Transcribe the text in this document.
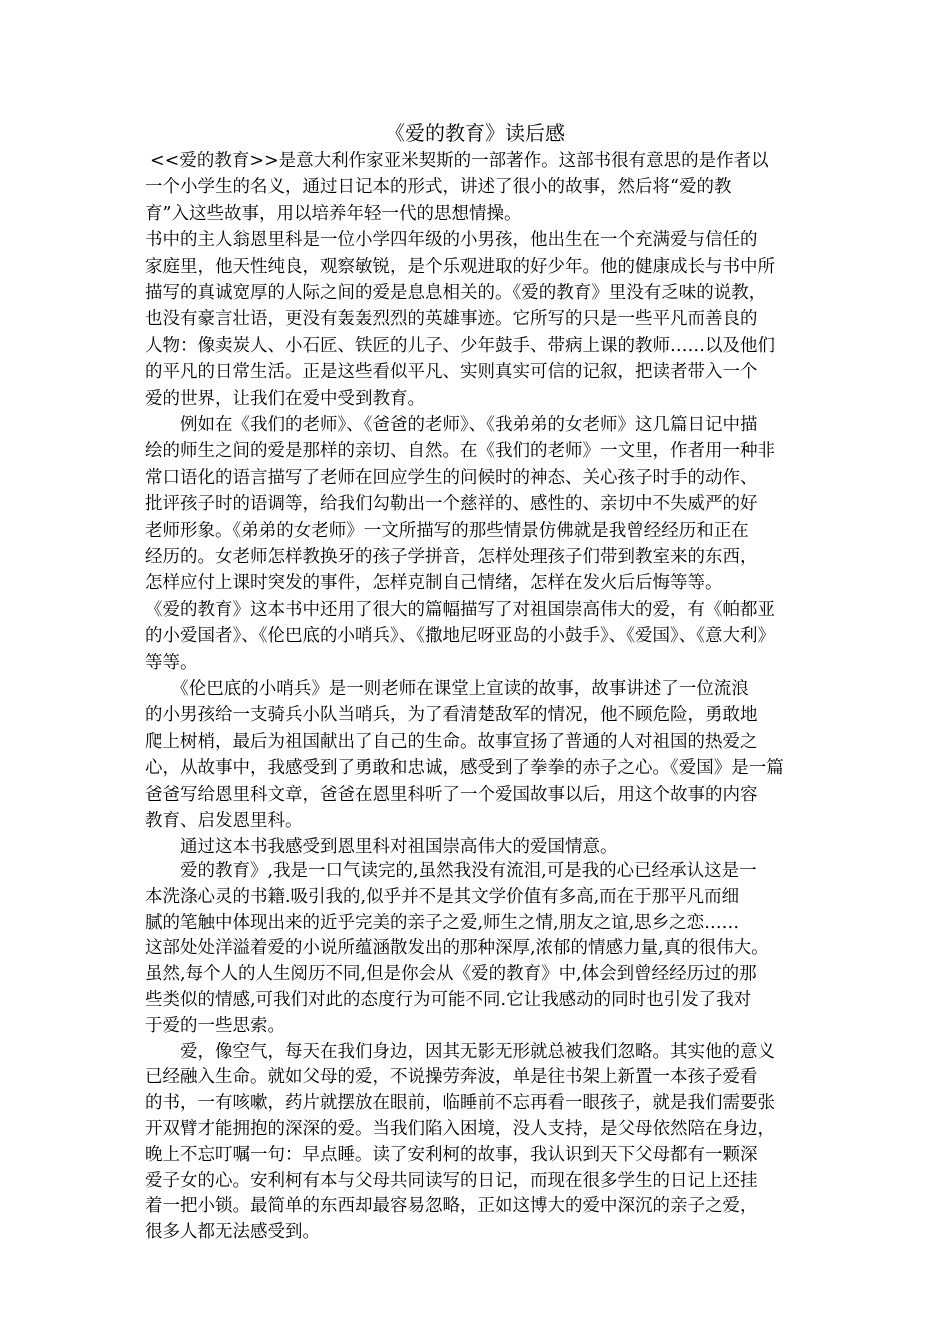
《爱的教育》读后感
<<爱的教育>>是意大利作家亚米契斯的一部著作。这部书很有意思的是作者以
一个小学生的名义，通过日记本的形式，讲述了很小的故事，然后将“爱的教
育”入这些故事，用以培养年轻一代的思想情操。
书中的主人翁恩里科是一位小学四年级的小男孩，他出生在一个充满爱与信任的
家庭里，他天性纯良，观察敏锐，是个乐观进取的好少年。他的健康成长与书中所
描写的真诚宽厚的人际之间的爱是息息相关的。《爱的教育》里没有乏味的说教，
也没有豪言壮语，更没有轰轰烈烈的英雄事迹。它所写的只是一些平凡而善良的
人物：像卖炭人、小石匠、铁匠的儿子、少年鼓手、带病上课的教师……以及他们
的平凡的日常生活。正是这些看似平凡、实则真实可信的记叙，把读者带入一个
爱的世界，让我们在爱中受到教育。
　　例如在《我们的老师》、《爸爸的老师》、《我弟弟的女老师》这几篇日记中描
绘的师生之间的爱是那样的亲切、自然。在《我们的老师》一文里，作者用一种非
常口语化的语言描写了老师在回应学生的问候时的神态、关心孩子时手的动作、
批评孩子时的语调等，给我们勾勒出一个慈祥的、感性的、亲切中不失威严的好
老师形象。《弟弟的女老师》一文所描写的那些情景仿佛就是我曾经经历和正在
经历的。女老师怎样教换牙的孩子学拼音，怎样处理孩子们带到教室来的东西，
怎样应付上课时突发的事件，怎样克制自己情绪，怎样在发火后后悔等等。
《爱的教育》这本书中还用了很大的篇幅描写了对祖国崇高伟大的爱，有《帕都亚
的小爱国者》、《伦巴底的小哨兵》、《撒地尼呀亚岛的小鼓手》、《爱国》、《意大利》
等等。
　　《伦巴底的小哨兵》是一则老师在课堂上宣读的故事，故事讲述了一位流浪
的小男孩给一支骑兵小队当哨兵，为了看清楚敌军的情况，他不顾危险，勇敢地
爬上树梢，最后为祖国献出了自己的生命。故事宣扬了普通的人对祖国的热爱之
心，从故事中，我感受到了勇敢和忠诚，感受到了拳拳的赤子之心。《爱国》是一篇
爸爸写给恩里科文章，爸爸在恩里科听了一个爱国故事以后，用这个故事的内容
教育、启发恩里科。
　　通过这本书我感受到恩里科对祖国崇高伟大的爱国情意。
　　爱的教育》,我是一口气读完的,虽然我没有流泪,可是我的心已经承认这是一
本洗涤心灵的书籍.吸引我的,似乎并不是其文学价值有多高,而在于那平凡而细
腻的笔触中体现出来的近乎完美的亲子之爱,师生之情,朋友之谊,思乡之恋……
这部处处洋溢着爱的小说所蕴涵散发出的那种深厚,浓郁的情感力量,真的很伟大。
虽然,每个人的人生阅历不同,但是你会从《爱的教育》中,体会到曾经经历过的那
些类似的情感,可我们对此的态度行为可能不同.它让我感动的同时也引发了我对
于爱的一些思索。
　　爱，像空气，每天在我们身边，因其无影无形就总被我们忽略。其实他的意义
已经融入生命。就如父母的爱，不说操劳奔波，单是往书架上新置一本孩子爱看
的书，一有咳嗽，药片就摆放在眼前，临睡前不忘再看一眼孩子，就是我们需要张
开双臂才能拥抱的深深的爱。当我们陷入困境，没人支持，是父母依然陪在身边，
晚上不忘叮嘱一句：早点睡。读了安利柯的故事，我认识到天下父母都有一颗深
爱子女的心。安利柯有本与父母共同读写的日记，而现在很多学生的日记上还挂
着一把小锁。最简单的东西却最容易忽略，正如这博大的爱中深沉的亲子之爱，
很多人都无法感受到。
